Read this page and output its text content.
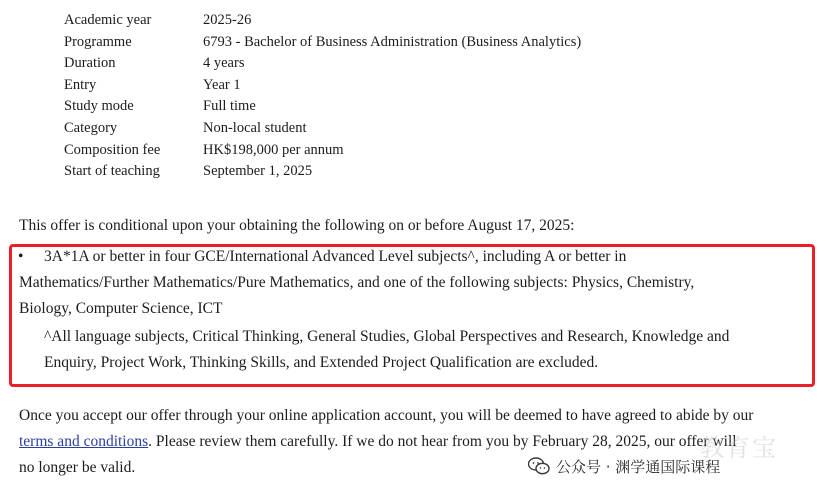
Academic year	2025-26
Programme	6793 - Bachelor of Business Administration (Business Analytics)
Duration	4 years
Entry	Year 1
Study mode	Full time
Category	Non-local student
Composition fee	HK$198,000 per annum
Start of teaching	September 1, 2025
This offer is conditional upon your obtaining the following on or before August 17, 2025:
• 3A*1A or better in four GCE/International Advanced Level subjects^, including A or better in
Mathematics/Further Mathematics/Pure Mathematics, and one of the following subjects: Physics, Chemistry,
Biology, Computer Science, ICT
^All language subjects, Critical Thinking, General Studies, Global Perspectives and Research, Knowledge and
Enquiry, Project Work, Thinking Skills, and Extended Project Qualification are excluded.
Once you accept our offer through your online application account, you will be deemed to have agreed to abide by our
terms and conditions. Please review them carefully. If we do not hear from you by February 28, 2025, our offer will
no longer be valid.
教育宝
公众号 · 渊学通国际课程
